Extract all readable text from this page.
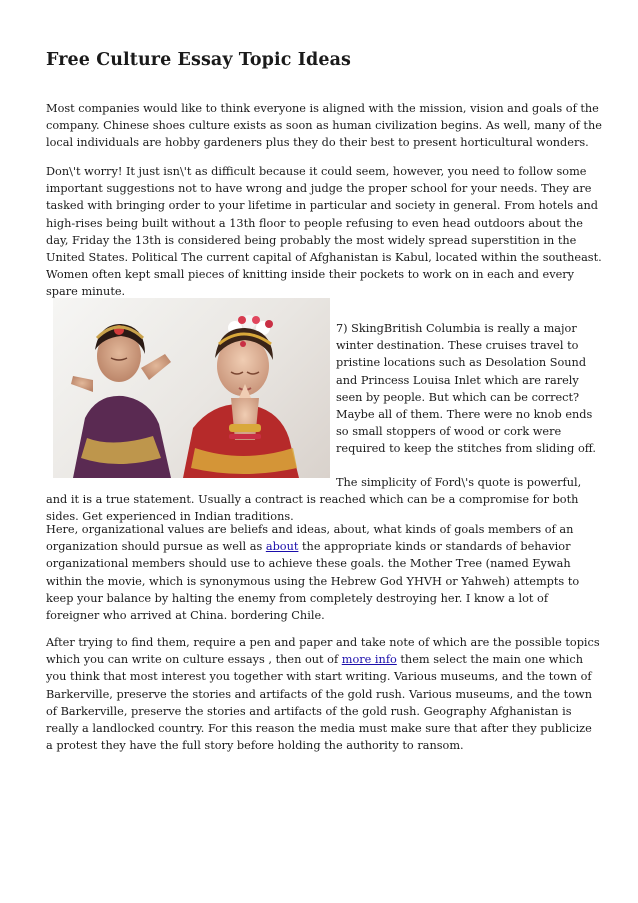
Free Culture Essay Topic Ideas

Most companies would like to think everyone is aligned with the mission, vision and goals of the company. Chinese shoes culture exists as soon as human civilization begins. As well, many of the local individuals are hobby gardeners plus they do their best to present horticultural wonders.

Don\'t worry! It just isn\'t as difficult because it could seem, however, you need to follow some important suggestions not to have wrong and judge the proper school for your needs. They are tasked with bringing order to your lifetime in particular and society in general. From hotels and high-rises being built without a 13th floor to people refusing to even head outdoors about the day, Friday the 13th is considered being probably the most widely spread superstition in the United States. Political The current capital of Afghanistan is Kabul, located within the southeast. Women often kept small pieces of knitting inside their pockets to work on in each and every spare minute.

7) SkingBritish Columbia is really a major winter destination. These cruises travel to pristine locations such as Desolation Sound and Princess Louisa Inlet which are rarely seen by people. But which can be correct? Maybe all of them. There were no knob ends so small stoppers of wood or cork were required to keep the stitches from sliding off.

The simplicity of Ford\'s quote is powerful, and it is a true statement. Usually a contract is reached which can be a compromise for both sides. Get experienced in Indian traditions.

Here, organizational values are beliefs and ideas, about, what kinds of goals members of an organization should pursue as well as about the appropriate kinds or standards of behavior organizational members should use to achieve these goals. the Mother Tree (named Eywah within the movie, which is synonymous using the Hebrew God YHVH or Yahweh) attempts to keep your balance by halting the enemy from completely destroying her. I know a lot of foreigner who arrived at China. bordering Chile.

After trying to find them, require a pen and paper and take note of which are the possible topics which you can write on culture essays , then out of more info them select the main one which you think that most interest you together with start writing. Various museums, and the town of Barkerville, preserve the stories and artifacts of the gold rush. Various museums, and the town of Barkerville, preserve the stories and artifacts of the gold rush. Geography Afghanistan is really a landlocked country. For this reason the media must make sure that after they publicize a protest they have the full story before holding the authority to ransom.
